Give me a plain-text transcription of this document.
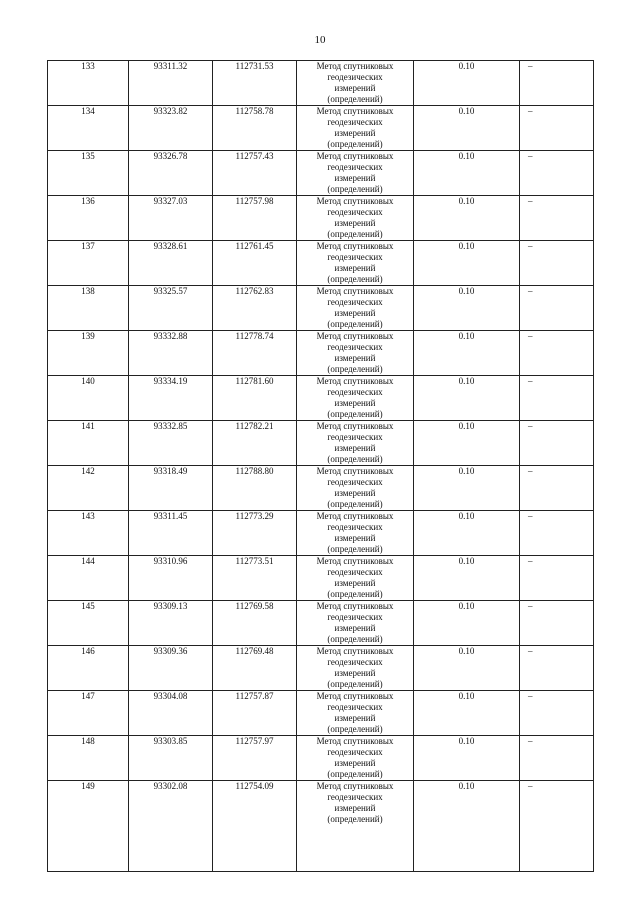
10
133	93311.32	112731.53	Метод спутниковых
геодезических
измерений
(определений)	0.10	–
134	93323.82	112758.78	Метод спутниковых
геодезических
измерений
(определений)	0.10	–
135	93326.78	112757.43	Метод спутниковых
геодезических
измерений
(определений)	0.10	–
136	93327.03	112757.98	Метод спутниковых
геодезических
измерений
(определений)	0.10	–
137	93328.61	112761.45	Метод спутниковых
геодезических
измерений
(определений)	0.10	–
138	93325.57	112762.83	Метод спутниковых
геодезических
измерений
(определений)	0.10	–
139	93332.88	112778.74	Метод спутниковых
геодезических
измерений
(определений)	0.10	–
140	93334.19	112781.60	Метод спутниковых
геодезических
измерений
(определений)	0.10	–
141	93332.85	112782.21	Метод спутниковых
геодезических
измерений
(определений)	0.10	–
142	93318.49	112788.80	Метод спутниковых
геодезических
измерений
(определений)	0.10	–
143	93311.45	112773.29	Метод спутниковых
геодезических
измерений
(определений)	0.10	–
144	93310.96	112773.51	Метод спутниковых
геодезических
измерений
(определений)	0.10	–
145	93309.13	112769.58	Метод спутниковых
геодезических
измерений
(определений)	0.10	–
146	93309.36	112769.48	Метод спутниковых
геодезических
измерений
(определений)	0.10	–
147	93304.08	112757.87	Метод спутниковых
геодезических
измерений
(определений)	0.10	–
148	93303.85	112757.97	Метод спутниковых
геодезических
измерений
(определений)	0.10	–
149	93302.08	112754.09	Метод спутниковых
геодезических
измерений
(определений)	0.10	–
